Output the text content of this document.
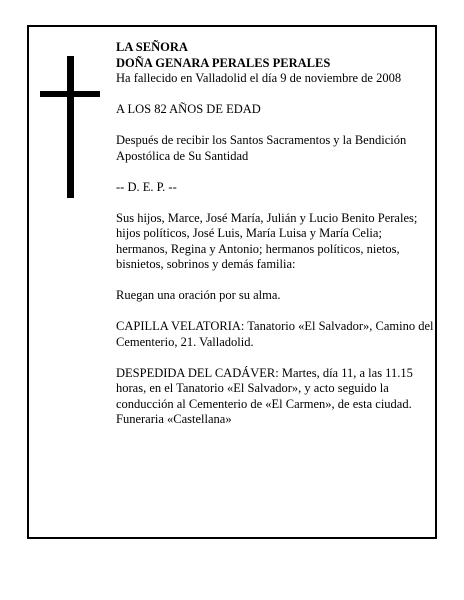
LA SEÑORA

DOÑA GENARA PERALES PERALES

Ha fallecido en Valladolid el día 9 de noviembre de 2008

A LOS 82 AÑOS DE EDAD

Después de recibir los Santos Sacramentos y la Bendición Apostólica de Su Santidad

-- D. E. P. --

Sus hijos, Marce, José María, Julián y Lucio Benito Perales; hijos políticos, José Luis, María Luisa y María Celia; hermanos, Regina y Antonio; hermanos políticos, nietos, bisnietos, sobrinos y demás familia:

Ruegan una oración por su alma.

CAPILLA VELATORIA: Tanatorio «El Salvador», Camino del Cementerio, 21. Valladolid.

DESPEDIDA DEL CADÁVER: Martes, día 11, a las 11.15 horas, en el Tanatorio «El Salvador», y acto seguido la conducción al Cementerio de «El Carmen», de esta ciudad.

Funeraria «Castellana»
